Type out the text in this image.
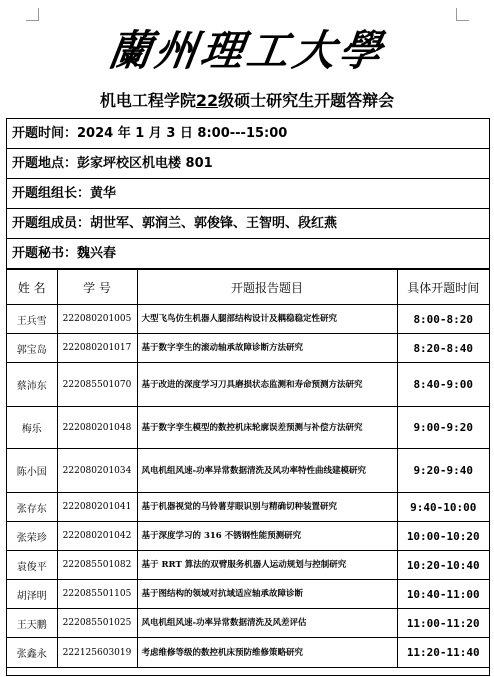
蘭州理工大學
机电工程学院22级硕士研究生开题答辩会
开题时间：2024 年 1 月 3 日 8:00---15:00
开题地点：彭家坪校区机电楼 801
开题组组长：黄华
开题组成员：胡世军、郭润兰、郭俊锋、王智明、段红燕
开题秘书：魏兴春
姓 名	学 号	开题报告题目	具体开题时间
王兵雪	222080201005	大型飞鸟仿生机器人腿部结构设计及耦稳稳定性研究	8:00-8:20
郭宝岛	222080201017	基于数字孪生的滚动轴承故障诊断方法研究	8:20-8:40
蔡沛东	222085501070	基于改进的深度学习刀具磨损状态监测和寿命预测方法研究	8:40-9:00
梅乐	222080201048	基于数字孪生模型的数控机床轮廓误差预测与补偿方法研究	9:00-9:20
陈小国	222080201034	风电机组风速-功率异常数据清洗及风功率特性曲线建模研究	9:20-9:40
张存东	222080201041	基于机器视觉的马铃薯芽眼识别与精确切种装置研究	9:40-10:00
张荣珍	222080201042	基于深度学习的 316 不锈钢性能预测研究	10:00-10:20
袁俊平	222085501082	基于 RRT 算法的双臂服务机器人运动规划与控制研究	10:20-10:40
胡泽明	222085501105	基于图结构的领域对抗域适应轴承故障诊断	10:40-11:00
王天鹏	222085501025	风电机组风速-功率异常数据清洗及风差评估	11:00-11:20
张鑫永	222125603019	考虑维修等级的数控机床预防维修策略研究	11:20-11:40
